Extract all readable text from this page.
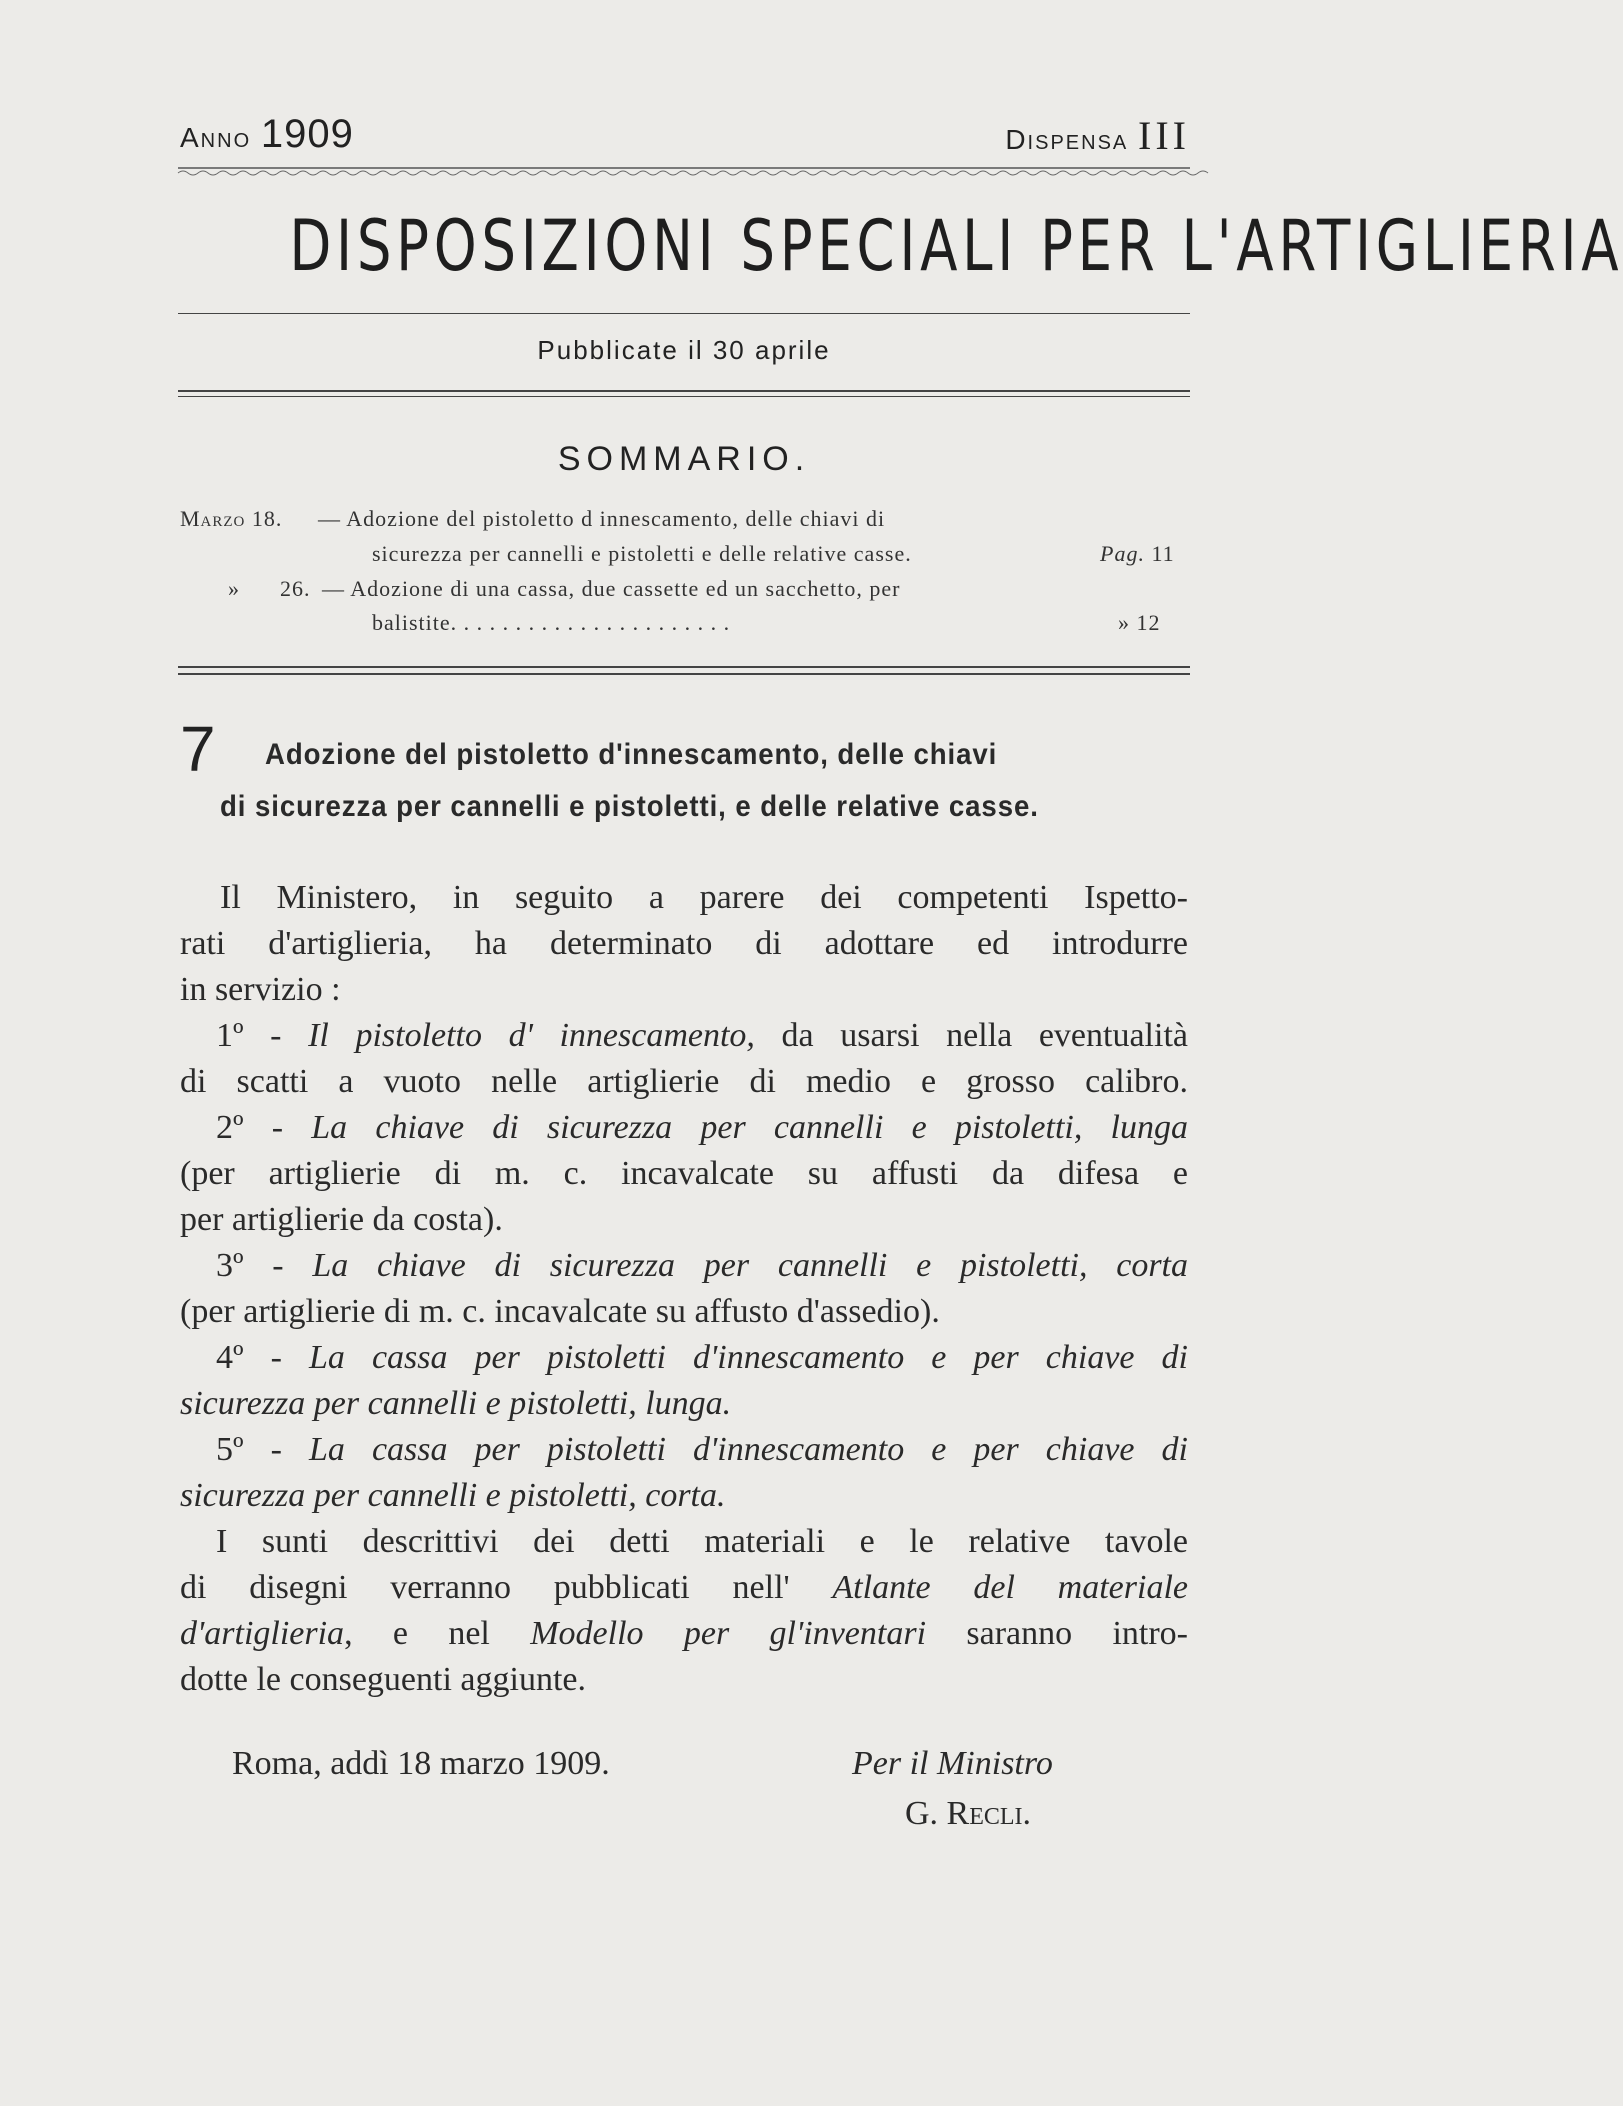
Anno 1909	Dispensa III
DISPOSIZIONI SPECIALI PER L'ARTIGLIERIA
Pubblicate il 30 aprile
SOMMARIO.
Marzo 18. — Adozione del pistoletto d innescamento, delle chiavi di
sicurezza per cannelli e pistoletti e delle relative casse.	Pag. 11
» 26. — Adozione di una cassa, due cassette ed un sacchetto, per
balistite. . . . . . . . . . . . . . . . . . . . . .	» 12
7 Adozione del pistoletto d'innescamento, delle chiavi
di sicurezza per cannelli e pistoletti, e delle relative casse.
Il Ministero, in seguito a parere dei competenti Ispetto-
rati d'artiglieria, ha determinato di adottare ed introdurre
in servizio :
1º - Il pistoletto d' innescamento, da usarsi nella eventualità
di scatti a vuoto nelle artiglierie di medio e grosso calibro.
2º - La chiave di sicurezza per cannelli e pistoletti, lunga
(per artiglierie di m. c. incavalcate su affusti da difesa e
per artiglierie da costa).
3º - La chiave di sicurezza per cannelli e pistoletti, corta
(per artiglierie di m. c. incavalcate su affusto d'assedio).
4º - La cassa per pistoletti d'innescamento e per chiave di
sicurezza per cannelli e pistoletti, lunga.
5º - La cassa per pistoletti d'innescamento e per chiave di
sicurezza per cannelli e pistoletti, corta.
I sunti descrittivi dei detti materiali e le relative tavole
di disegni verranno pubblicati nell' Atlante del materiale
d'artiglieria, e nel Modello per gl'inventari saranno intro-
dotte le conseguenti aggiunte.
Roma, addì 18 marzo 1909.	Per il Ministro
G. Recli.
